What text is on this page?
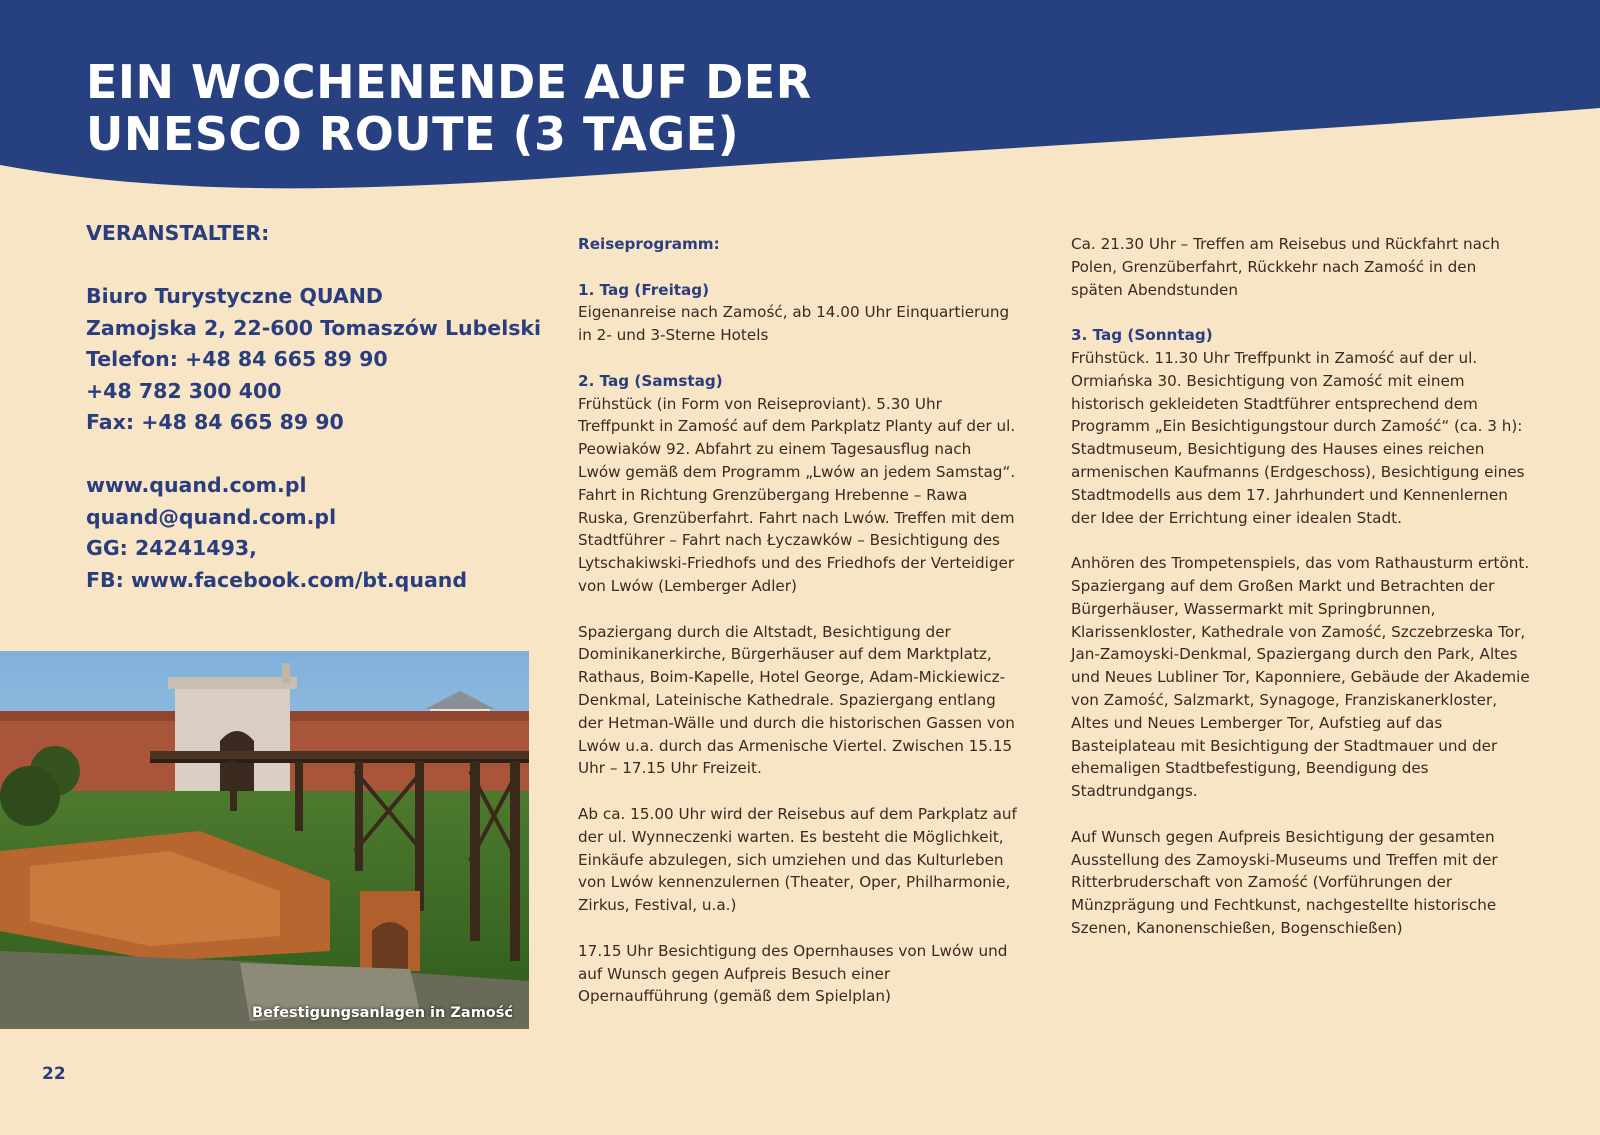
EIN WOCHENENDE AUF DER
UNESCO ROUTE (3 TAGE)
VERANSTALTER:
Biuro Turystyczne QUAND
Zamojska 2, 22-600 Tomaszów Lubelski
Telefon: +48 84 665 89 90
+48 782 300 400
Fax: +48 84 665 89 90
www.quand.com.pl
quand@quand.com.pl
GG: 24241493,
FB: www.facebook.com/bt.quand
Befestigungsanlagen in Zamość
22

Reiseprogramm:

1. Tag (Freitag)
Eigenanreise nach Zamość, ab 14.00 Uhr Einquartierung in 2- und 3-Sterne Hotels

2. Tag (Samstag)
Frühstück (in Form von Reiseproviant). 5.30 Uhr Treffpunkt in Zamość auf dem Parkplatz Planty auf der ul. Peowiaków 92. Abfahrt zu einem Tagesausflug nach Lwów gemäß dem Programm „Lwów an jedem Samstag“. Fahrt in Richtung Grenzübergang Hrebenne – Rawa Ruska, Grenzüberfahrt. Fahrt nach Lwów. Treffen mit dem Stadtführer – Fahrt nach Łyczawków – Besichtigung des Lytschakiwski-Friedhofs und des Friedhofs der Verteidiger von Lwów (Lemberger Adler)

Spaziergang durch die Altstadt, Besichtigung der Dominikanerkirche, Bürgerhäuser auf dem Marktplatz, Rathaus, Boim-Kapelle, Hotel George, Adam-Mickiewicz-Denkmal, Lateinische Kathedrale. Spaziergang entlang der Hetman-Wälle und durch die historischen Gassen von Lwów u.a. durch das Armenische Viertel. Zwischen 15.15 Uhr – 17.15 Uhr Freizeit.

Ab ca. 15.00 Uhr wird der Reisebus auf dem Parkplatz auf der ul. Wynneczenki warten. Es besteht die Möglichkeit, Einkäufe abzulegen, sich umziehen und das Kulturleben von Lwów kennenzulernen (Theater, Oper, Philharmonie, Zirkus, Festival, u.a.)

17.15 Uhr Besichtigung des Opernhauses von Lwów und auf Wunsch gegen Aufpreis Besuch einer Opernaufführung (gemäß dem Spielplan)

Ca. 21.30 Uhr – Treffen am Reisebus und Rückfahrt nach Polen, Grenzüberfahrt, Rückkehr nach Zamość in den späten Abendstunden

3. Tag (Sonntag)
Frühstück. 11.30 Uhr Treffpunkt in Zamość auf der ul. Ormiańska 30. Besichtigung von Zamość mit einem historisch gekleideten Stadtführer entsprechend dem Programm „Ein Besichtigungstour durch Zamość“ (ca. 3 h): Stadtmuseum, Besichtigung des Hauses eines reichen armenischen Kaufmanns (Erdgeschoss), Besichtigung eines Stadtmodells aus dem 17. Jahrhundert und Kennenlernen der Idee der Errichtung einer idealen Stadt.

Anhören des Trompetenspiels, das vom Rathausturm ertönt. Spaziergang auf dem Großen Markt und Betrachten der Bürgerhäuser, Wassermarkt mit Springbrunnen, Klarissenkloster, Kathedrale von Zamość, Szczebrzeska Tor, Jan-Zamoyski-Denkmal, Spaziergang durch den Park, Altes und Neues Lubliner Tor, Kaponniere, Gebäude der Akademie von Zamość, Salzmarkt, Synagoge, Franziskanerkloster, Altes und Neues Lemberger Tor, Aufstieg auf das Basteiplateau mit Besichtigung der Stadtmauer und der ehemaligen Stadtbefestigung, Beendigung des Stadtrundgangs.

Auf Wunsch gegen Aufpreis Besichtigung der gesamten Ausstellung des Zamoyski-Museums und Treffen mit der Ritterbruderschaft von Zamość (Vorführungen der Münzprägung und Fechtkunst, nachgestellte historische Szenen, Kanonenschießen, Bogenschießen)
